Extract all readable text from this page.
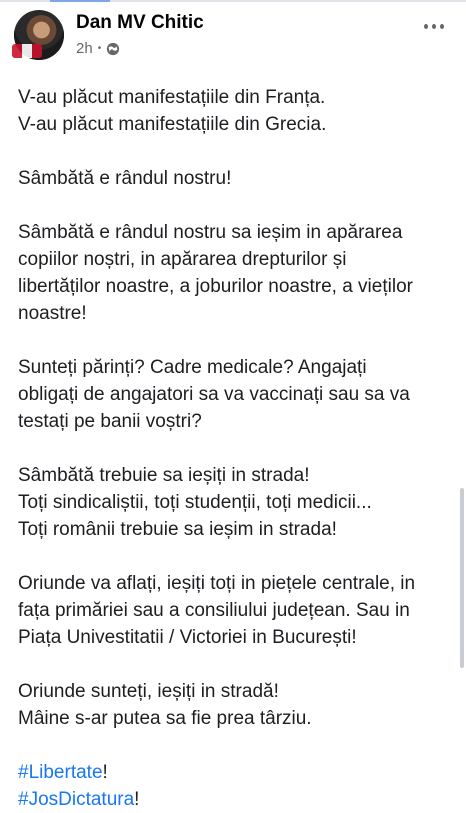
Dan MV Chitic
2h •

V-au plăcut manifestațiile din Franța.

V-au plăcut manifestațiile din Grecia.

Sâmbătă e rândul nostru!

Sâmbătă e rândul nostru sa ieșim in apărarea

copiilor noștri, in apărarea drepturilor și

libertăților noastre, a joburilor noastre, a vieților

noastre!

Sunteți părinți? Cadre medicale? Angajați

obligați de angajatori sa va vaccinați sau sa va

testați pe banii voștri?

Sâmbătă trebuie sa ieșiți in strada!

Toți sindicaliștii, toți studenții, toți medicii...

Toți românii trebuie sa ieșim in strada!

Oriunde va aflați, ieșiți toți in piețele centrale, in

fața primăriei sau a consiliului județean. Sau in

Piața Univestitatii / Victoriei in București!

Oriunde sunteți, ieșiți in stradă!

Mâine s-ar putea sa fie prea târziu.

#Libertate!

#JosDictatura!
